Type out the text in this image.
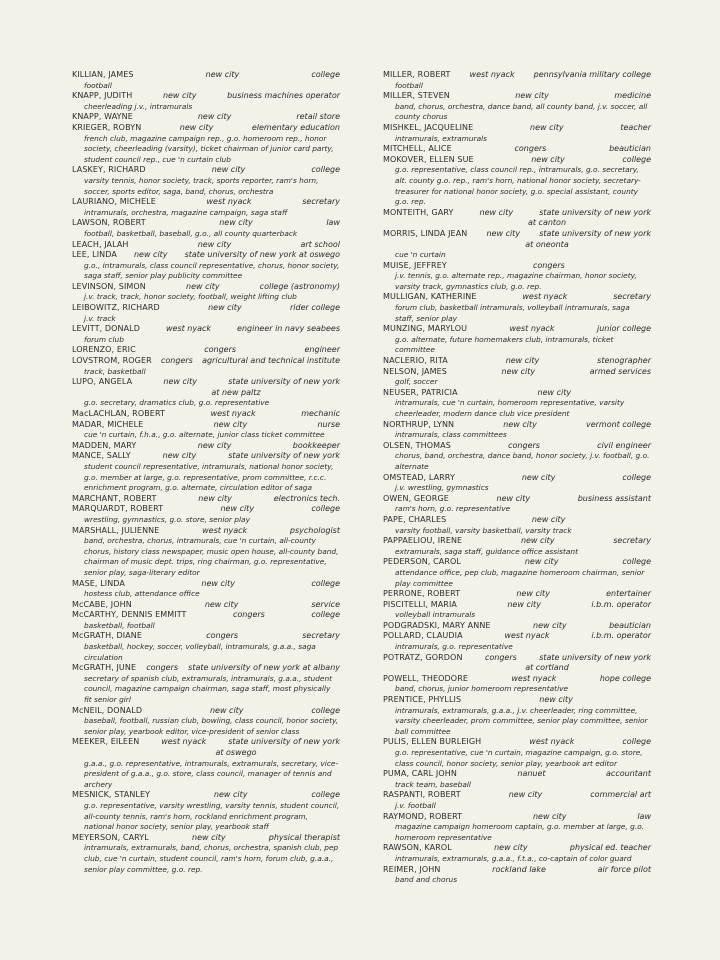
KILLIAN, JAMES	new city	college

football

KNAPP, JUDITH	new city	business machines operator

cheerleading j.v., intramurals

KNAPP, WAYNE	new city	retail store
KRIEGER, ROBYN	new city	elementary education

french club, magazine campaign rep., g.o. homeroom rep., honor society, cheerleading (varsity), ticket chairman of junior card party, student council rep., cue 'n curtain club

LASKEY, RICHARD	new city	college

varsity tennis, honor society, track, sports reporter, ram's horn, soccer, sports editor, saga, band, chorus, orchestra

LAURIANO, MICHELE	west nyack	secretary

intramurals, orchestra, magazine campaign, saga staff

LAWSON, ROBERT	new city	law

football, basketball, baseball, g.o., all county quarterback

LEACH, JALAH	new city	art school
LEE, LINDA	new city	state university of new york at oswego

g.o., intramurals, class council representative, chorus, honor society, saga staff, senior play publicity committee

LEVINSON, SIMON	new city	college (astronomy)

j.v. track, track, honor society, football, weight lifting club

LEIBOWITZ, RICHARD	new city	rider college

j.v. track

LEVITT, DONALD	west nyack	engineer in navy seabees

forum club

LORENZO, ERIC	congers	engineer
LOVSTROM, ROGER	congers	agricultural and technical institute

track, basketball

LUPO, ANGELA	new city	state university of new york
at new paltz

g.o. secretary, dramatics club, g.o. representative

MacLACHLAN, ROBERT	west nyack	mechanic
MADAR, MICHELE	new city	nurse

cue 'n curtain, f.h.a., g.o. alternate, junior class ticket committee

MADDEN, MARY	new city	bookkeeper
MANCE, SALLY	new city	state university of new york

student council representative, intramurals, national honor society, g.o. member at large, g.o. representative, prom committee, r.c.c. enrichment program, g.o. alternate, circulation editor of saga

MARCHANT, ROBERT	new city	electronics tech.
MARQUARDT, ROBERT	new city	college

wrestling, gymnastics, g.o. store, senior play

MARSHALL, JULIENNE	west nyack	psychologist

band, orchestra, chorus, intramurals, cue 'n curtain, all-county chorus, history class newspaper, music open house, all-county band, chairman of music dept. trips, ring chairman, g.o. representative, senior play, saga-literary editor

MASE, LINDA	new city	college

hostess club, attendance office

McCABE, JOHN	new city	service
McCARTHY, DENNIS EMMITT	congers	college

basketball, football

McGRATH, DIANE	congers	secretary

basketball, hockey, soccer, volleyball, intramurals, g.a.a., saga circulation

McGRATH, JUNE	congers	state university of new york at albany

secretary of spanish club, extramurals, intramurals, g.a.a., student council, magazine campaign chairman, saga staff, most physically fit senior girl

McNEIL, DONALD	new city	college

baseball, football, russian club, bowling, class council, honor society, senior play, yearbook editor, vice-president of senior class

MEEKER, EILEEN	west nyack	state university of new york
at oswego

g.a.a., g.o. representative, intramurals, extramurals, secretary, vice-president of g.a.a., g.o. store, class council, manager of tennis and archery

MESNICK, STANLEY	new city	college

g.o. representative, varsity wrestling, varsity tennis, student council, all-county tennis, ram's horn, rockland enrichment program, national honor society, senior play, yearbook staff

MEYERSON, CARYL	new city	physical therapist

intramurals, extramurals, band, chorus, orchestra, spanish club, pep club, cue 'n curtain, student council, ram's horn, forum club, g.a.a., senior play committee, g.o. rep.

MILLER, ROBERT	west nyack	pennsylvania military college

football

MILLER, STEVEN	new city	medicine

band, chorus, orchestra, dance band, all county band, j.v. soccer, all county chorus

MISHKEL, JACQUELINE	new city	teacher

intramurals, extramurals

MITCHELL, ALICE	congers	beautician
MOKOVER, ELLEN SUE	new city	college

g.o. representative, class council rep., intramurals, g.o. secretary, alt. county g.o. rep., ram's horn, national honor society, secretary-treasurer for national honor society, g.o. special assistant, county g.o. rep.

MONTEITH, GARY	new city	state university of new york
at canton
MORRIS, LINDA JEAN	new city	state university of new york
at oneonta

cue 'n curtain

MUISE, JEFFREY	congers

j.v. tennis, g.o. alternate rep., magazine chairman, honor society, varsity track, gymnastics club, g.o. rep.

MULLIGAN, KATHERINE	west nyack	secretary

forum club, basketball intramurals, volleyball intramurals, saga staff, senior play

MUNZING, MARYLOU	west nyack	junior college

g.o. alternate, future homemakers club, intramurals, ticket committee

NACLERIO, RITA	new city	stenographer
NELSON, JAMES	new city	armed services

golf, soccer

NEUSER, PATRICIA	new city

intramurals, cue 'n curtain, homeroom representative, varsity cheerleader, modern dance club vice president

NORTHRUP, LYNN	new city	vermont college

intramurals, class committees

OLSEN, THOMAS	congers	civil engineer

chorus, band, orchestra, dance band, honor society, j.v. football, g.o. alternate

OMSTEAD, LARRY	new city	college

j.v. wrestling, gymnastics

OWEN, GEORGE	new city	business assistant

ram's horn, g.o. representative

PAPE, CHARLES	new city

varsity football, varsity basketball, varsity track

PAPPAELIOU, IRENE	new city	secretary

extramurals, saga staff, guidance office assistant

PEDERSON, CAROL	new city	college

attendance office, pep club, magazine homeroom chairman, senior play committee

PERRONE, ROBERT	new city	entertainer
PISCITELLI, MARIA	new city	i.b.m. operator

volleyball intramurals

PODGRADSKI, MARY ANNE	new city	beautician
POLLARD, CLAUDIA	west nyack	i.b.m. operator

intramurals, g.o. representative

POTRATZ, GORDON	congers	state university of new york
at cortland
POWELL, THEODORE	west nyack	hope college

band, chorus, junior homeroom representative

PRENTICE, PHYLLIS	new city

intramurals, extramurals, g.a.a., j.v. cheerleader, ring committee, varsity cheerleader, prom committee, senior play committee, senior ball committee

PULIS, ELLEN BURLEIGH	west nyack	college

g.o. representative, cue 'n curtain, magazine campaign, g.o. store, class council, honor society, senior play, yearbook art editor

PUMA, CARL JOHN	nanuet	accountant

track team, baseball

RASPANTI, ROBERT	new city	commercial art

j.v. football

RAYMOND, ROBERT	new city	law

magazine campaign homeroom captain, g.o. member at large, g.o. homeroom representative

RAWSON, KAROL	new city	physical ed. teacher

intramurals, extramurals, g.a.a., f.t.a., co-captain of color guard

REIMER, JOHN	rockland lake	air force pilot

band and chorus
